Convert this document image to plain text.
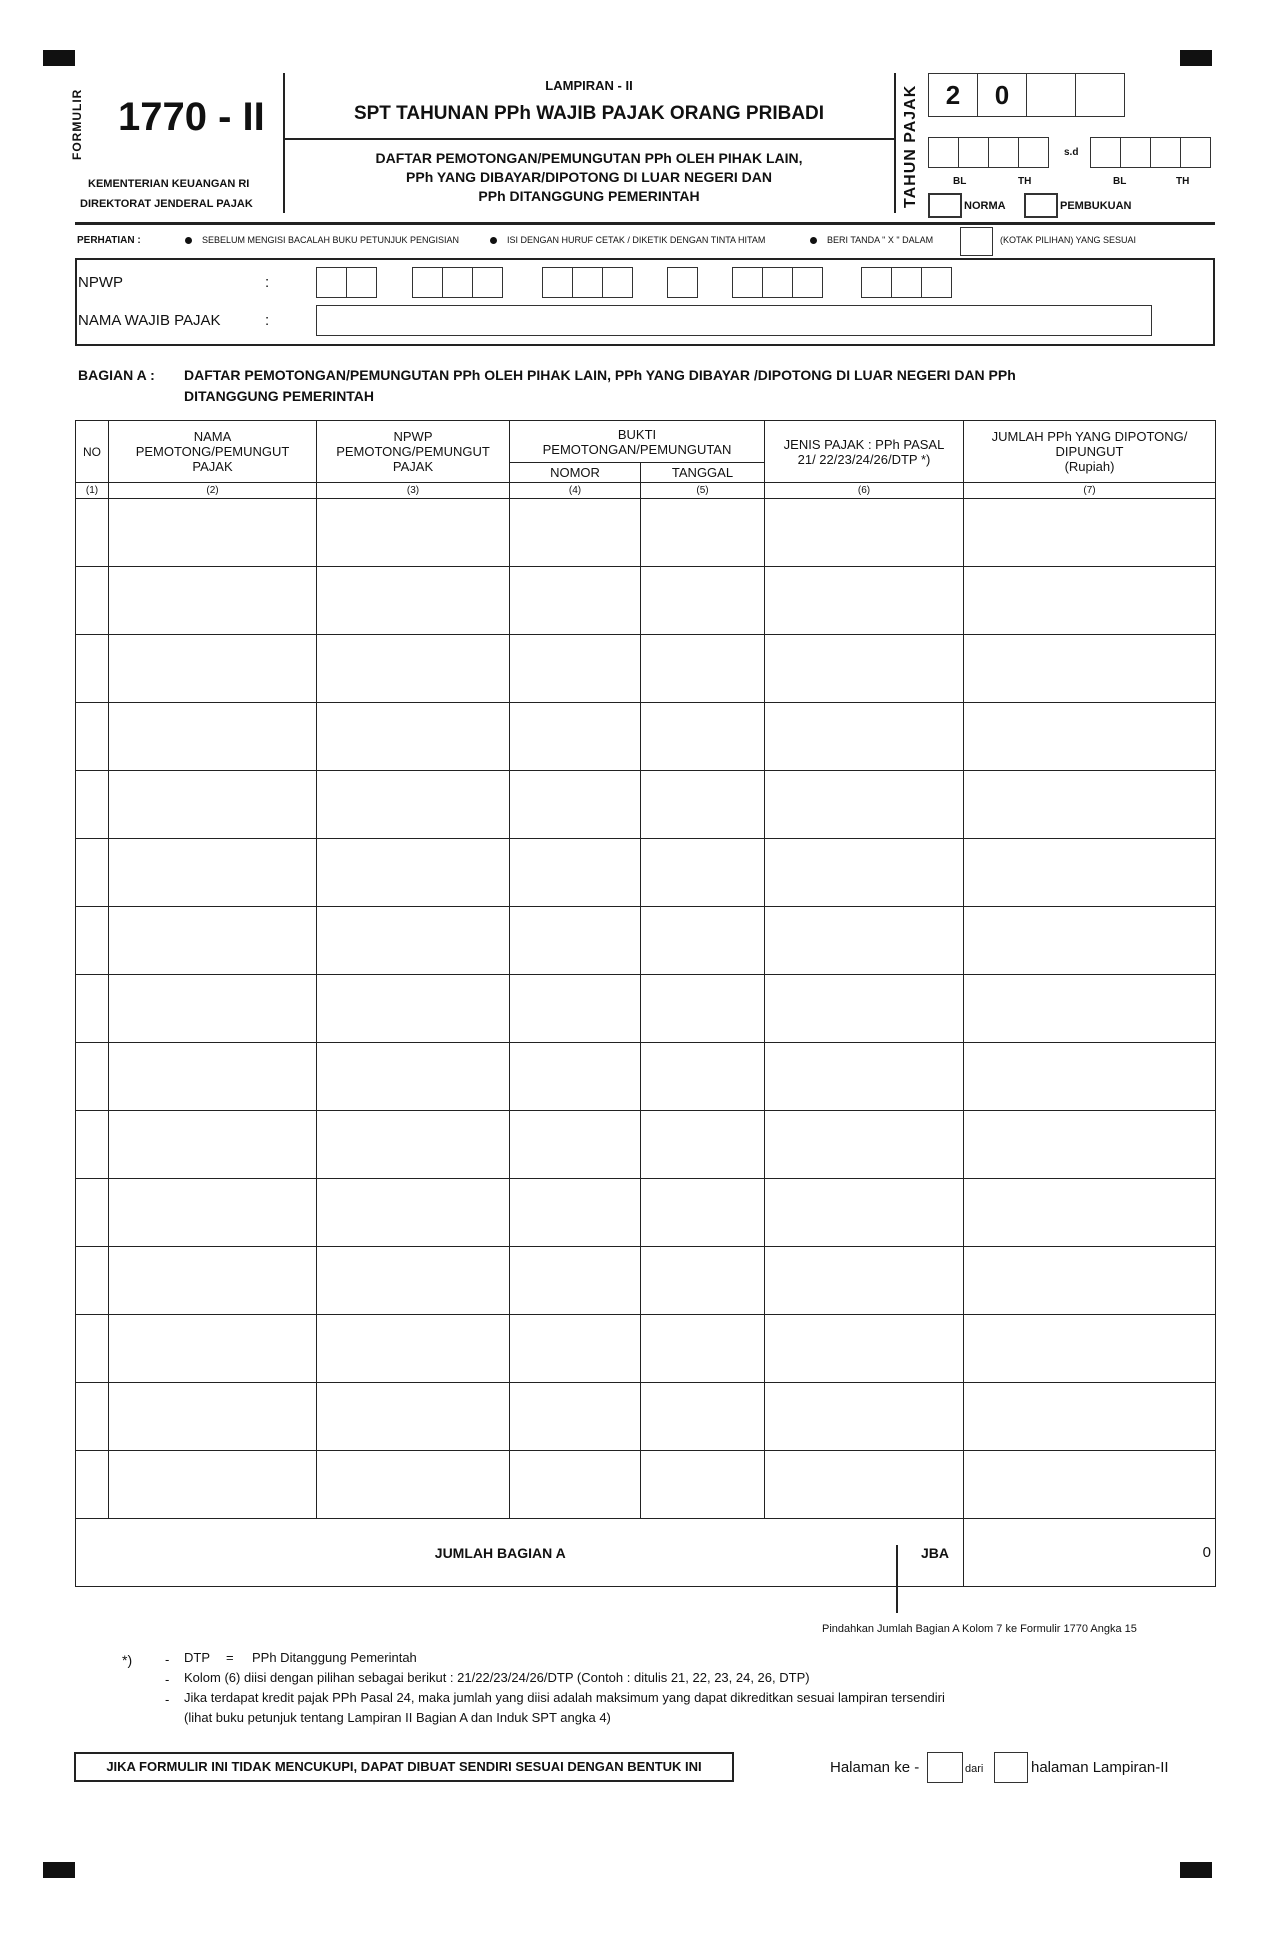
FORMULIR 1770 - II
KEMENTERIAN KEUANGAN RI
DIREKTORAT JENDERAL PAJAK
LAMPIRAN - II
SPT TAHUNAN PPh WAJIB PAJAK ORANG PRIBADI
DAFTAR PEMOTONGAN/PEMUNGUTAN PPh OLEH PIHAK LAIN,
PPh YANG DIBAYAR/DIPOTONG DI LUAR NEGERI DAN
PPh DITANGGUNG PEMERINTAH	TAHUN PAJAK	2	0
s.d
BL	TH	BL	TH
NORMA	PEMBUKUAN
PERHATIAN :	SEBELUM MENGISI BACALAH BUKU PETUNJUK PENGISIAN	ISI DENGAN HURUF CETAK / DIKETIK DENGAN TINTA HITAM	BERI TANDA " X " DALAM	(KOTAK PILIHAN) YANG SESUAI
NPWP	:
NAMA WAJIB PAJAK	:
BAGIAN A : DAFTAR PEMOTONGAN/PEMUNGUTAN PPh OLEH PIHAK LAIN, PPh YANG DIBAYAR /DIPOTONG DI LUAR NEGERI DAN PPh
DITANGGUNG PEMERINTAH
NO	NAMA PEMOTONG/PEMUNGUT PAJAK	NPWP PEMOTONG/PEMUNGUT PAJAK	BUKTI PEMOTONGAN/PEMUNGUTAN		JENIS PAJAK : PPh PASAL 21/ 22/23/24/26/DTP *)	JUMLAH PPh YANG DIPOTONG/ DIPUNGUT
(Rupiah)

			NOMOR	TANGGAL		
(1)	(2)	(3)	(4)	(5)	(6)	(7)

JUMLAH BAGIAN A					JBA	0
Pindahkan Jumlah Bagian A Kolom 7 ke Formulir 1770 Angka 15
*)	- DTP = PPh Ditanggung Pemerintah
- Kolom (6) diisi dengan pilihan sebagai berikut : 21/22/23/24/26/DTP (Contoh : ditulis 21, 22, 23, 24, 26, DTP)
- Jika terdapat kredit pajak PPh Pasal 24, maka jumlah yang diisi adalah maksimum yang dapat dikreditkan sesuai lampiran tersendiri
(lihat buku petunjuk tentang Lampiran II Bagian A dan Induk SPT angka 4)
JIKA FORMULIR INI TIDAK MENCUKUPI, DAPAT DIBUAT SENDIRI SESUAI DENGAN BENTUK INI	Halaman ke -	dari	halaman Lampiran-II
